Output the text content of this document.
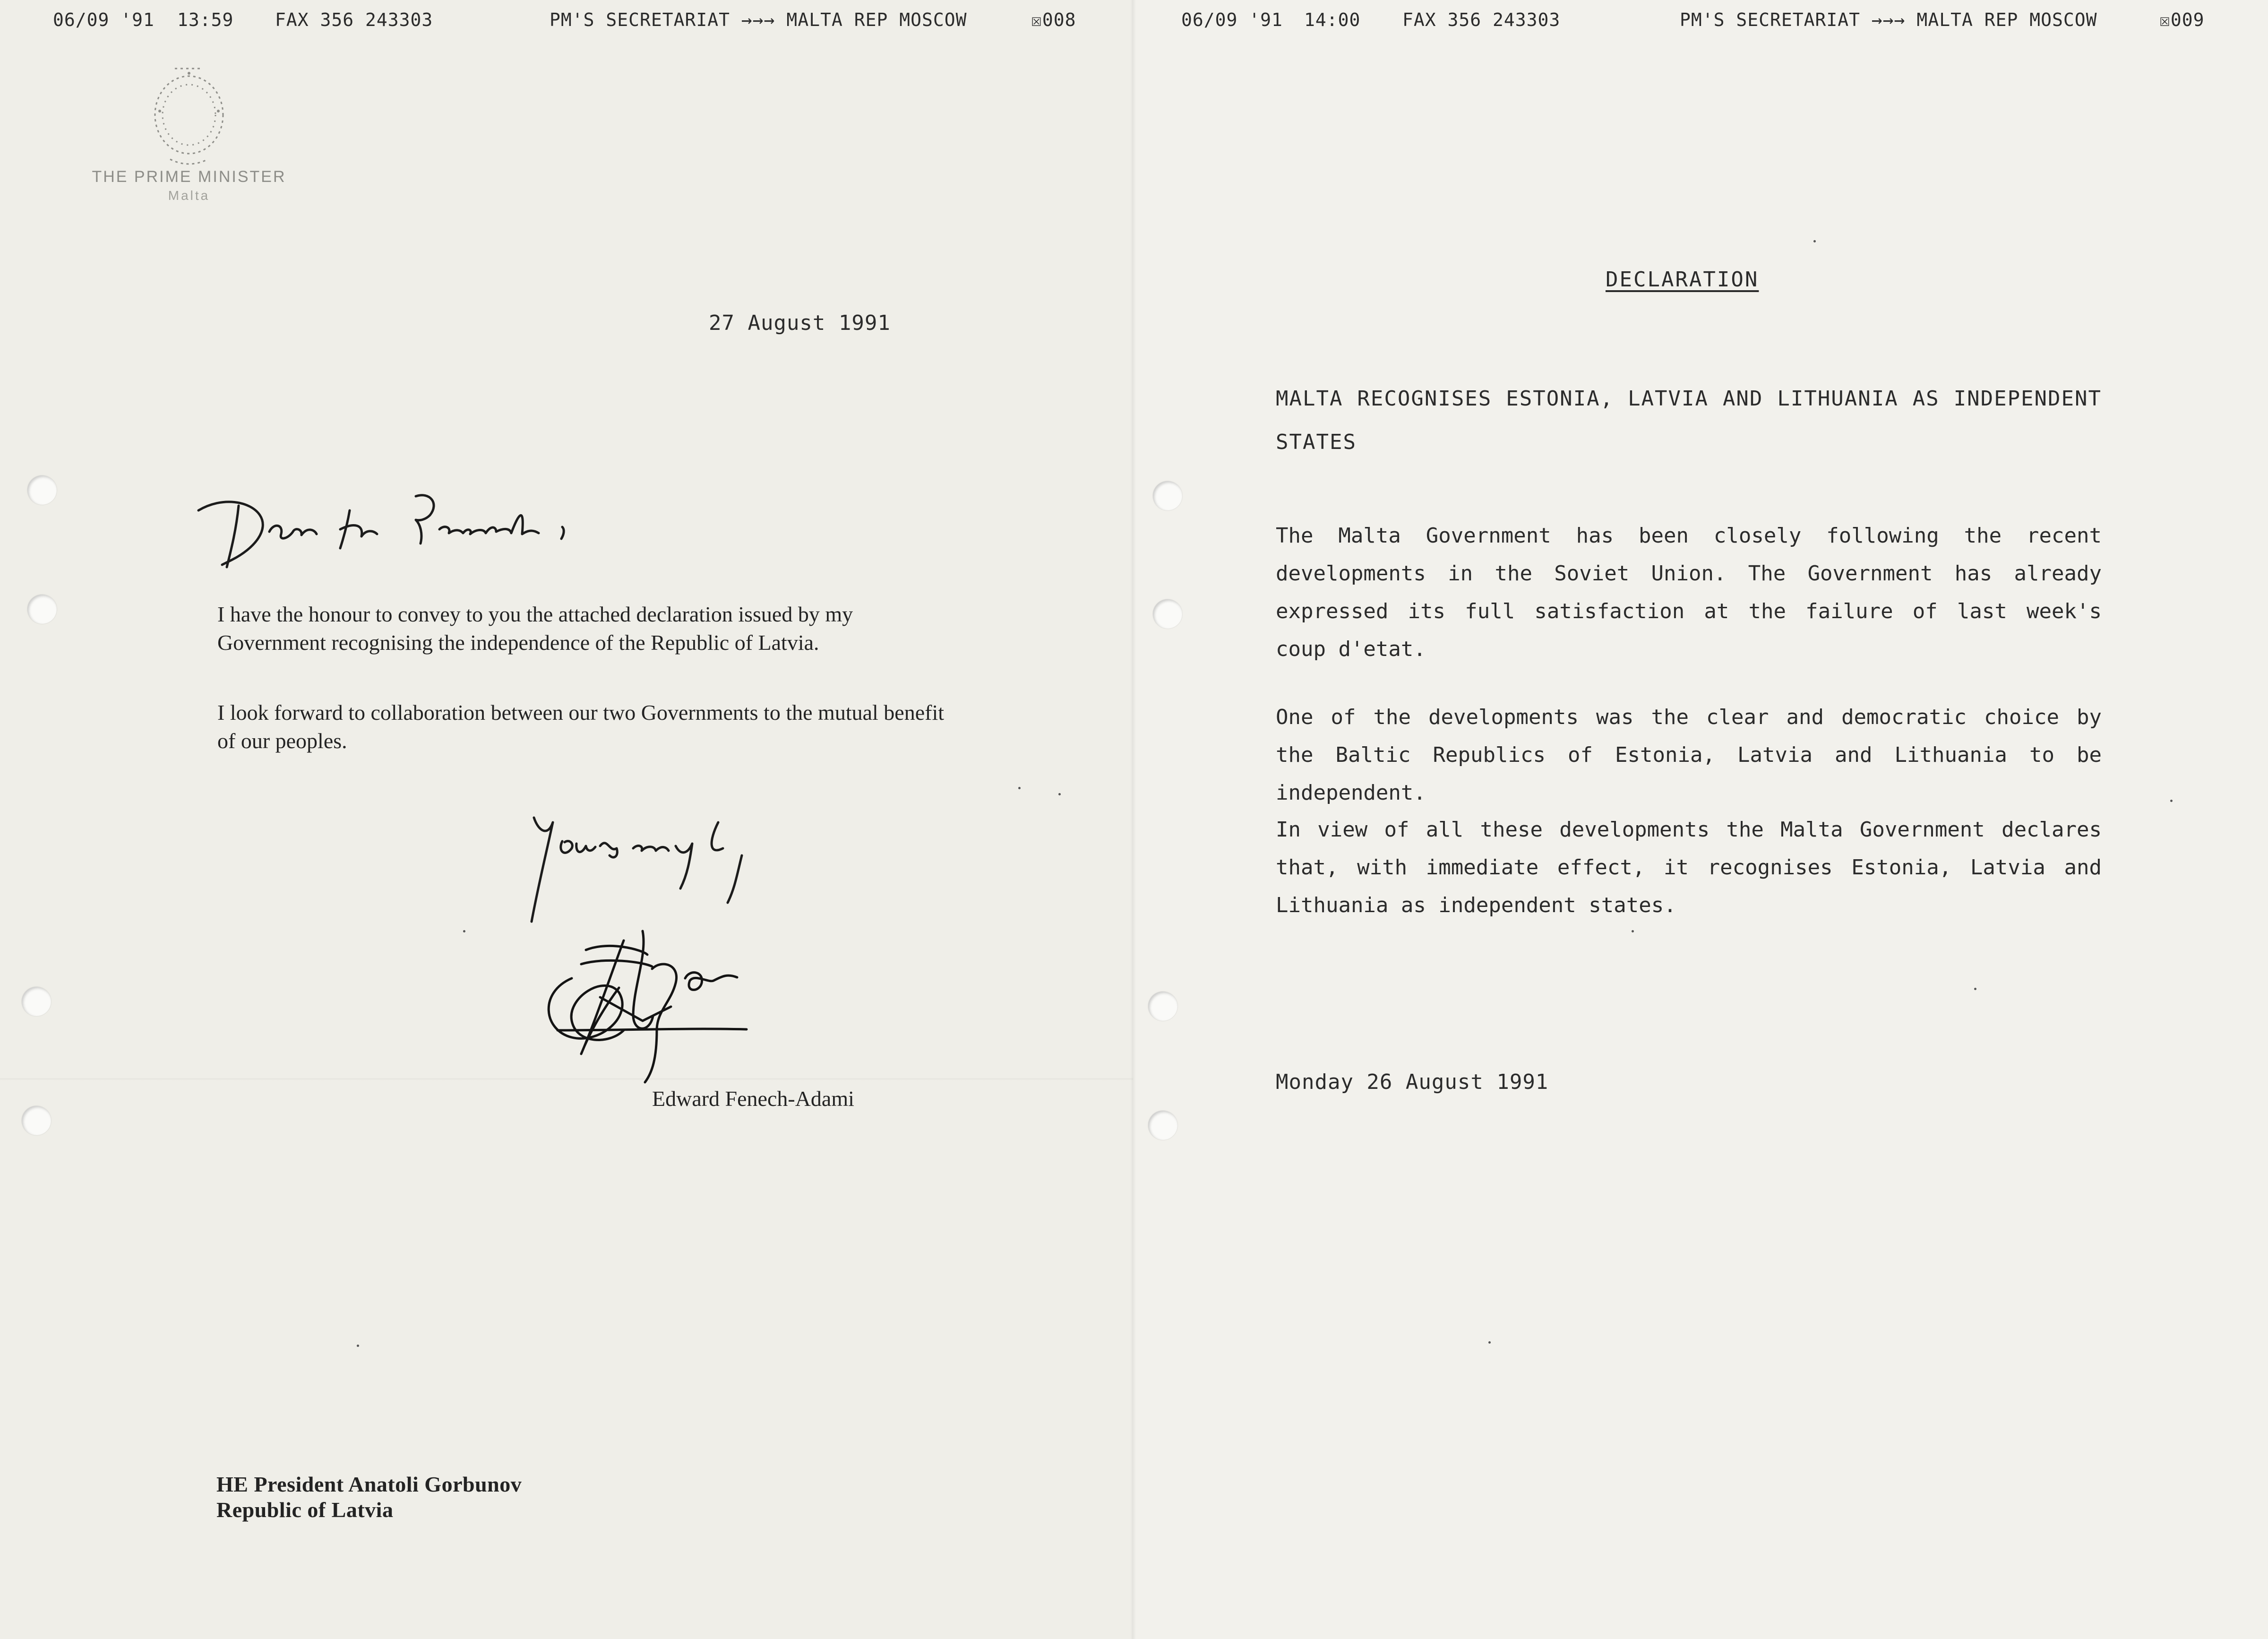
06/09 '91 13:59 FAX 356 243303	PM'S SECRETARIAT →→→ MALTA REP MOSCOW	☒008
THE PRIME MINISTER
Malta
27 August 1991
I have the honour to convey to you the attached declaration issued by my Government recognising the independence of the Republic of Latvia.
I look forward to collaboration between our two Governments to the mutual benefit of our peoples.
Edward Fenech-Adami
HE President Anatoli Gorbunov
Republic of Latvia
06/09 '91 14:00 FAX 356 243303	PM'S SECRETARIAT →→→ MALTA REP MOSCOW	☒009
DECLARATION
MALTA RECOGNISES ESTONIA, LATVIA AND LITHUANIA AS INDEPENDENT STATES
The Malta Government has been closely following the recent developments in the Soviet Union. The Government has already expressed its full satisfaction at the failure of last week's coup d'etat.
One of the developments was the clear and democratic choice by the Baltic Republics of Estonia, Latvia and Lithuania to be independent.
In view of all these developments the Malta Government declares that, with immediate effect, it recognises Estonia, Latvia and Lithuania as independent states.
Monday 26 August 1991
